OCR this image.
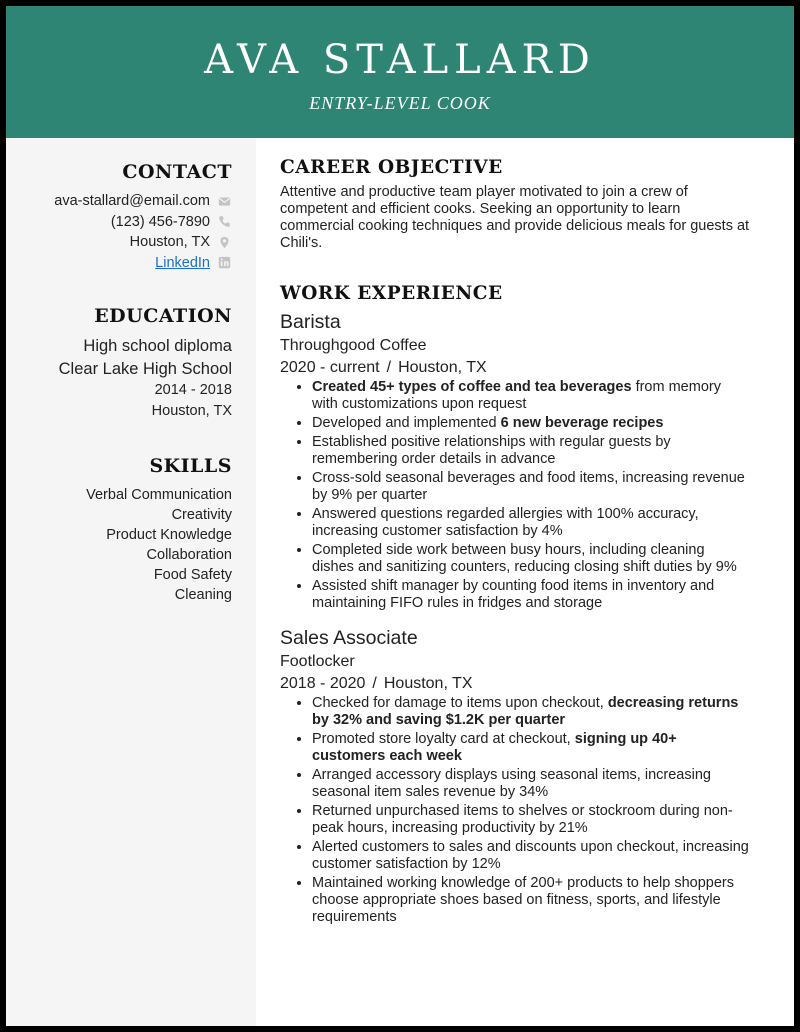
AVA STALLARD
ENTRY-LEVEL COOK
CONTACT
ava-stallard@email.com
(123) 456-7890
Houston, TX
LinkedIn
EDUCATION
High school diploma
Clear Lake High School
2014 - 2018
Houston, TX
SKILLS
Verbal Communication
Creativity
Product Knowledge
Collaboration
Food Safety
Cleaning
CAREER OBJECTIVE
Attentive and productive team player motivated to join a crew of competent and efficient cooks. Seeking an opportunity to learn commercial cooking techniques and provide delicious meals for guests at Chili's.
WORK EXPERIENCE
Barista
Throughgood Coffee
2020 - current / Houston, TX
• Created 45+ types of coffee and tea beverages from memory with customizations upon request
• Developed and implemented 6 new beverage recipes
• Established positive relationships with regular guests by remembering order details in advance
• Cross-sold seasonal beverages and food items, increasing revenue by 9% per quarter
• Answered questions regarded allergies with 100% accuracy, increasing customer satisfaction by 4%
• Completed side work between busy hours, including cleaning dishes and sanitizing counters, reducing closing shift duties by 9%
• Assisted shift manager by counting food items in inventory and maintaining FIFO rules in fridges and storage
Sales Associate
Footlocker
2018 - 2020 / Houston, TX
• Checked for damage to items upon checkout, decreasing returns by 32% and saving $1.2K per quarter
• Promoted store loyalty card at checkout, signing up 40+ customers each week
• Arranged accessory displays using seasonal items, increasing seasonal item sales revenue by 34%
• Returned unpurchased items to shelves or stockroom during non-peak hours, increasing productivity by 21%
• Alerted customers to sales and discounts upon checkout, increasing customer satisfaction by 12%
• Maintained working knowledge of 200+ products to help shoppers choose appropriate shoes based on fitness, sports, and lifestyle requirements
